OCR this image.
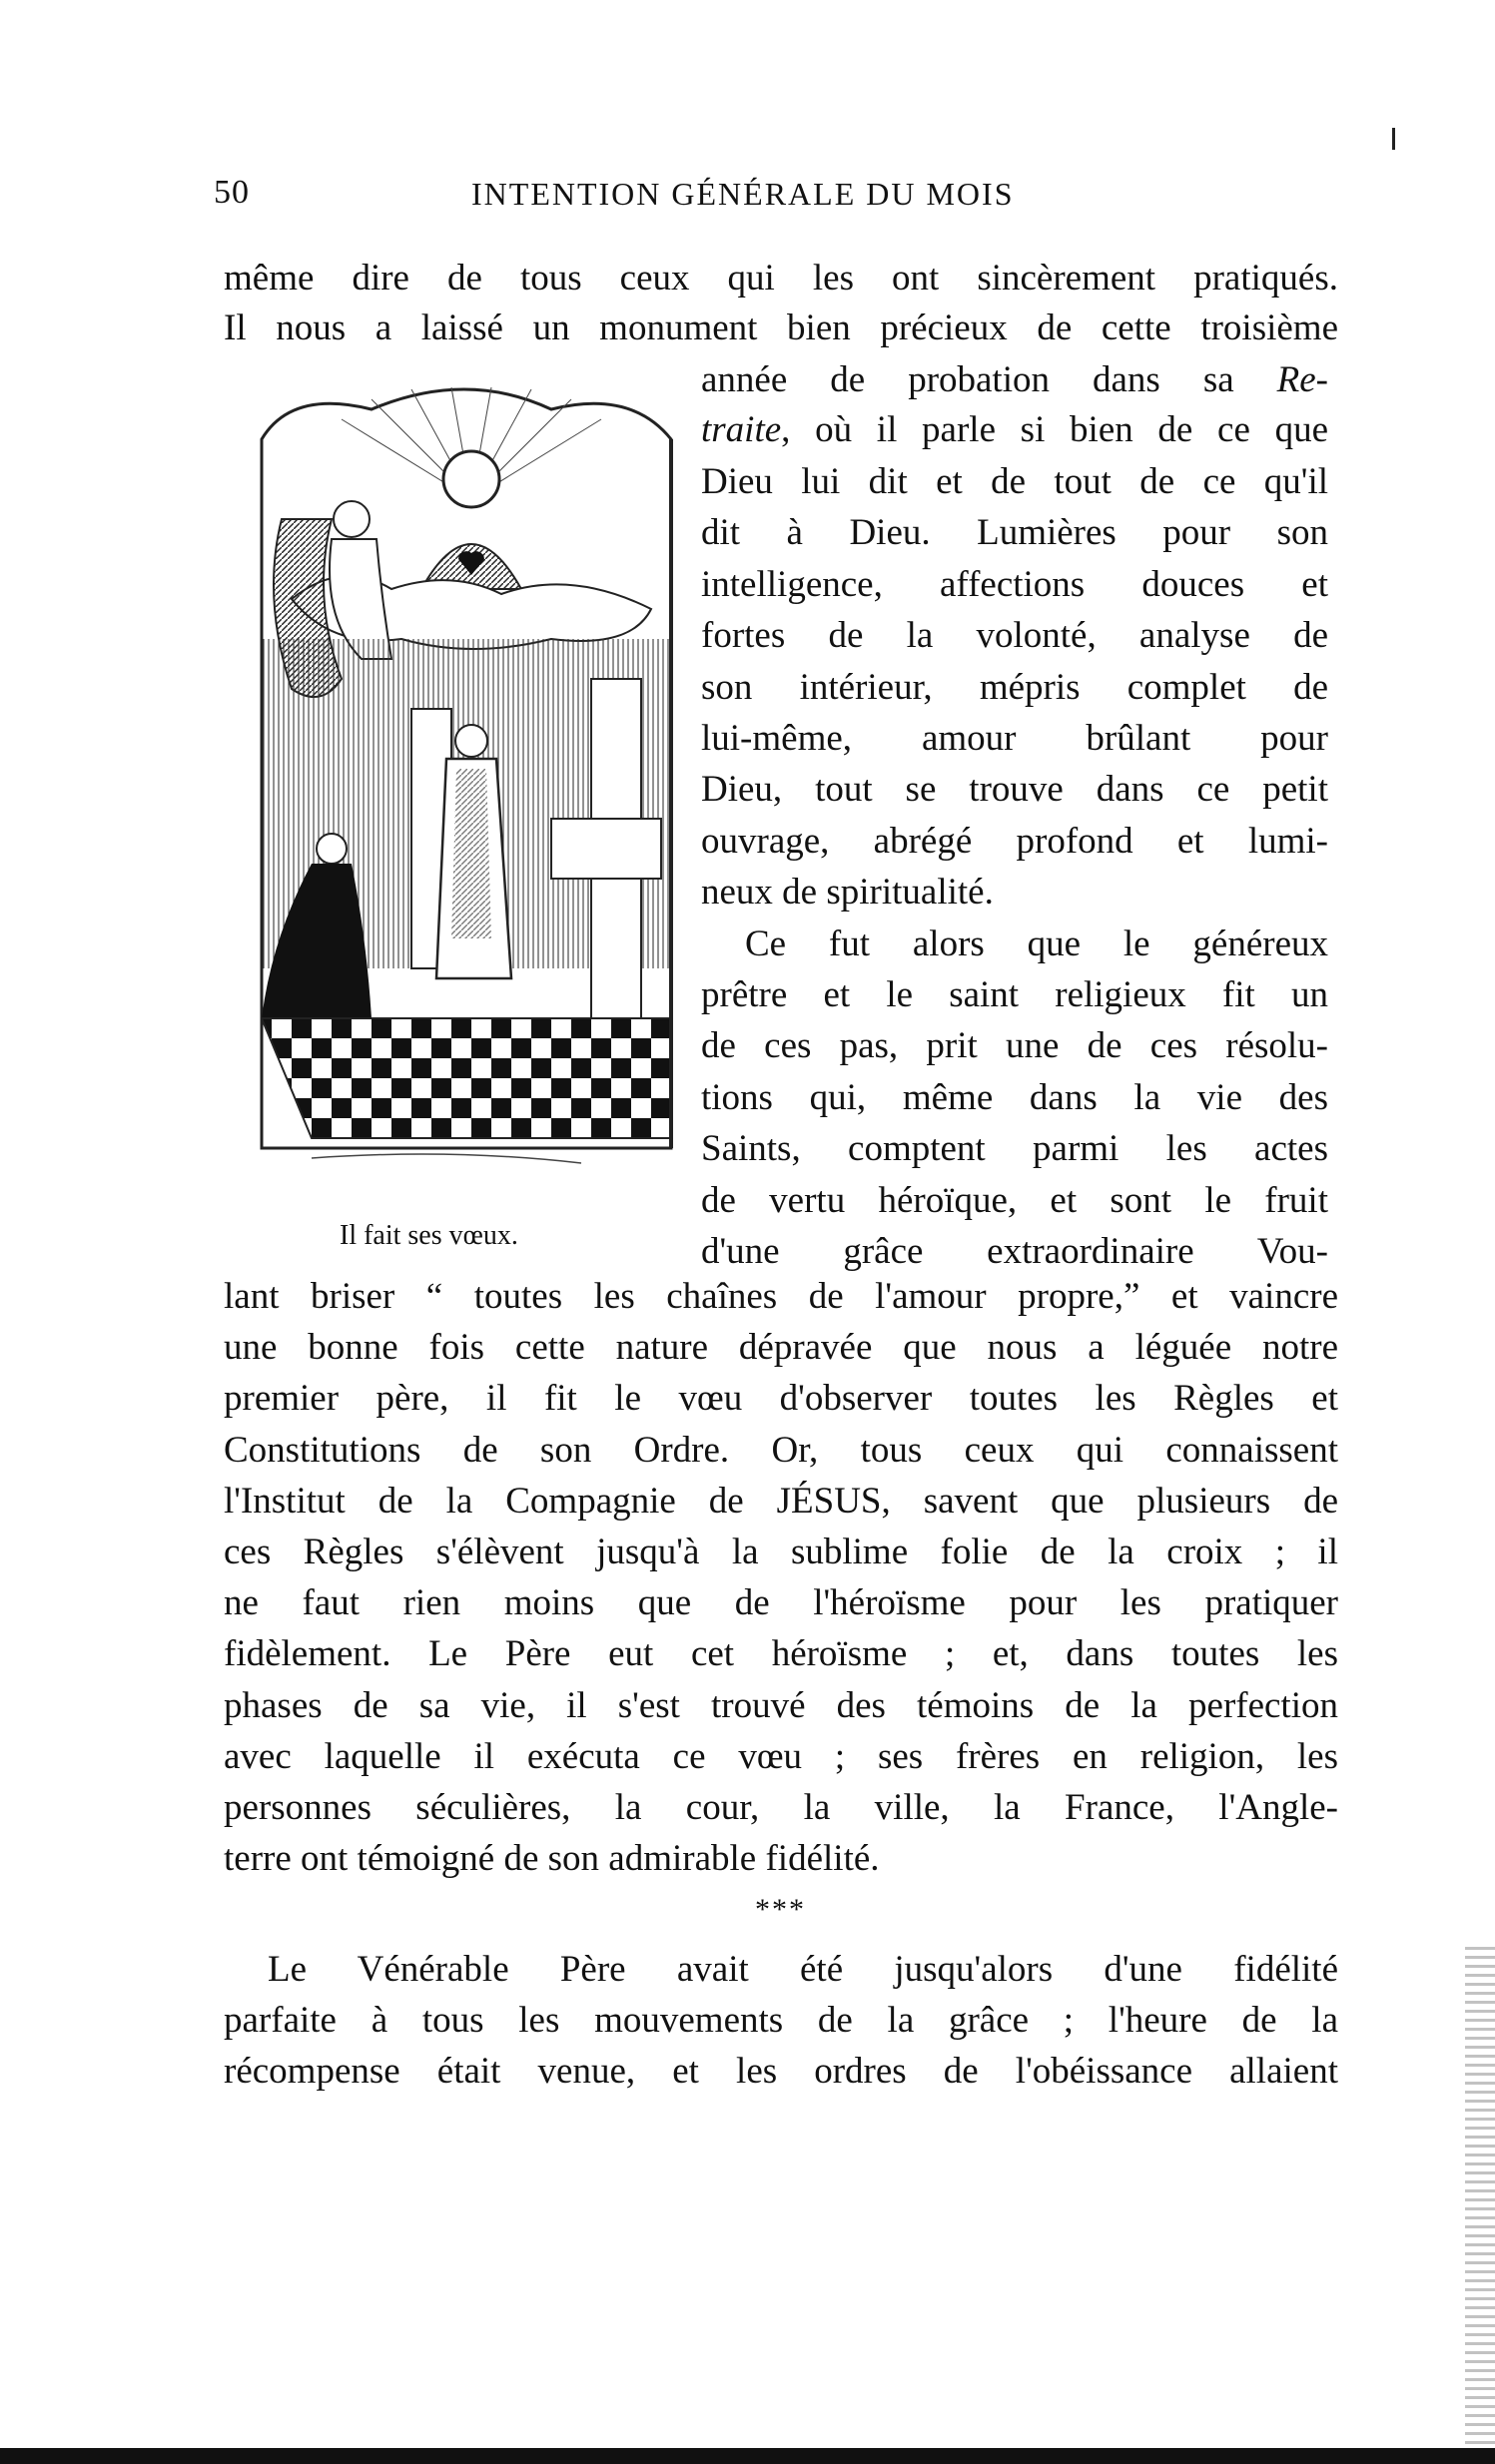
50	INTENTION GÉNÉRALE DU MOIS
même dire de tous ceux qui les ont sincèrement pratiqués.
Il nous a laissé un monument bien précieux de cette troisième
année de probation dans sa Re-
traite, où il parle si bien de ce que
Dieu lui dit et de tout de ce qu'il
dit à Dieu. Lumières pour son
intelligence, affections douces et
fortes de la volonté, analyse de
son intérieur, mépris complet de
lui-même, amour brûlant pour
Dieu, tout se trouve dans ce petit
ouvrage, abrégé profond et lumi-
neux de spiritualité.
Ce fut alors que le généreux
prêtre et le saint religieux fit un
de ces pas, prit une de ces résolu-
tions qui, même dans la vie des
Saints, comptent parmi les actes
de vertu héroïque, et sont le fruit
d'une grâce extraordinaire Vou-
Il fait ses vœux.
lant briser “ toutes les chaînes de l'amour propre,” et vaincre
une bonne fois cette nature dépravée que nous a léguée notre
premier père, il fit le vœu d'observer toutes les Règles et
Constitutions de son Ordre. Or, tous ceux qui connaissent
l'Institut de la Compagnie de JÉSUS, savent que plusieurs de
ces Règles s'élèvent jusqu'à la sublime folie de la croix ; il
ne faut rien moins que de l'héroïsme pour les pratiquer
fidèlement. Le Père eut cet héroïsme ; et, dans toutes les
phases de sa vie, il s'est trouvé des témoins de la perfection
avec laquelle il exécuta ce vœu ; ses frères en religion, les
personnes séculières, la cour, la ville, la France, l'Angle-
terre ont témoigné de son admirable fidélité.
***
Le Vénérable Père avait été jusqu'alors d'une fidélité
parfaite à tous les mouvements de la grâce ; l'heure de la
récompense était venue, et les ordres de l'obéissance allaient
